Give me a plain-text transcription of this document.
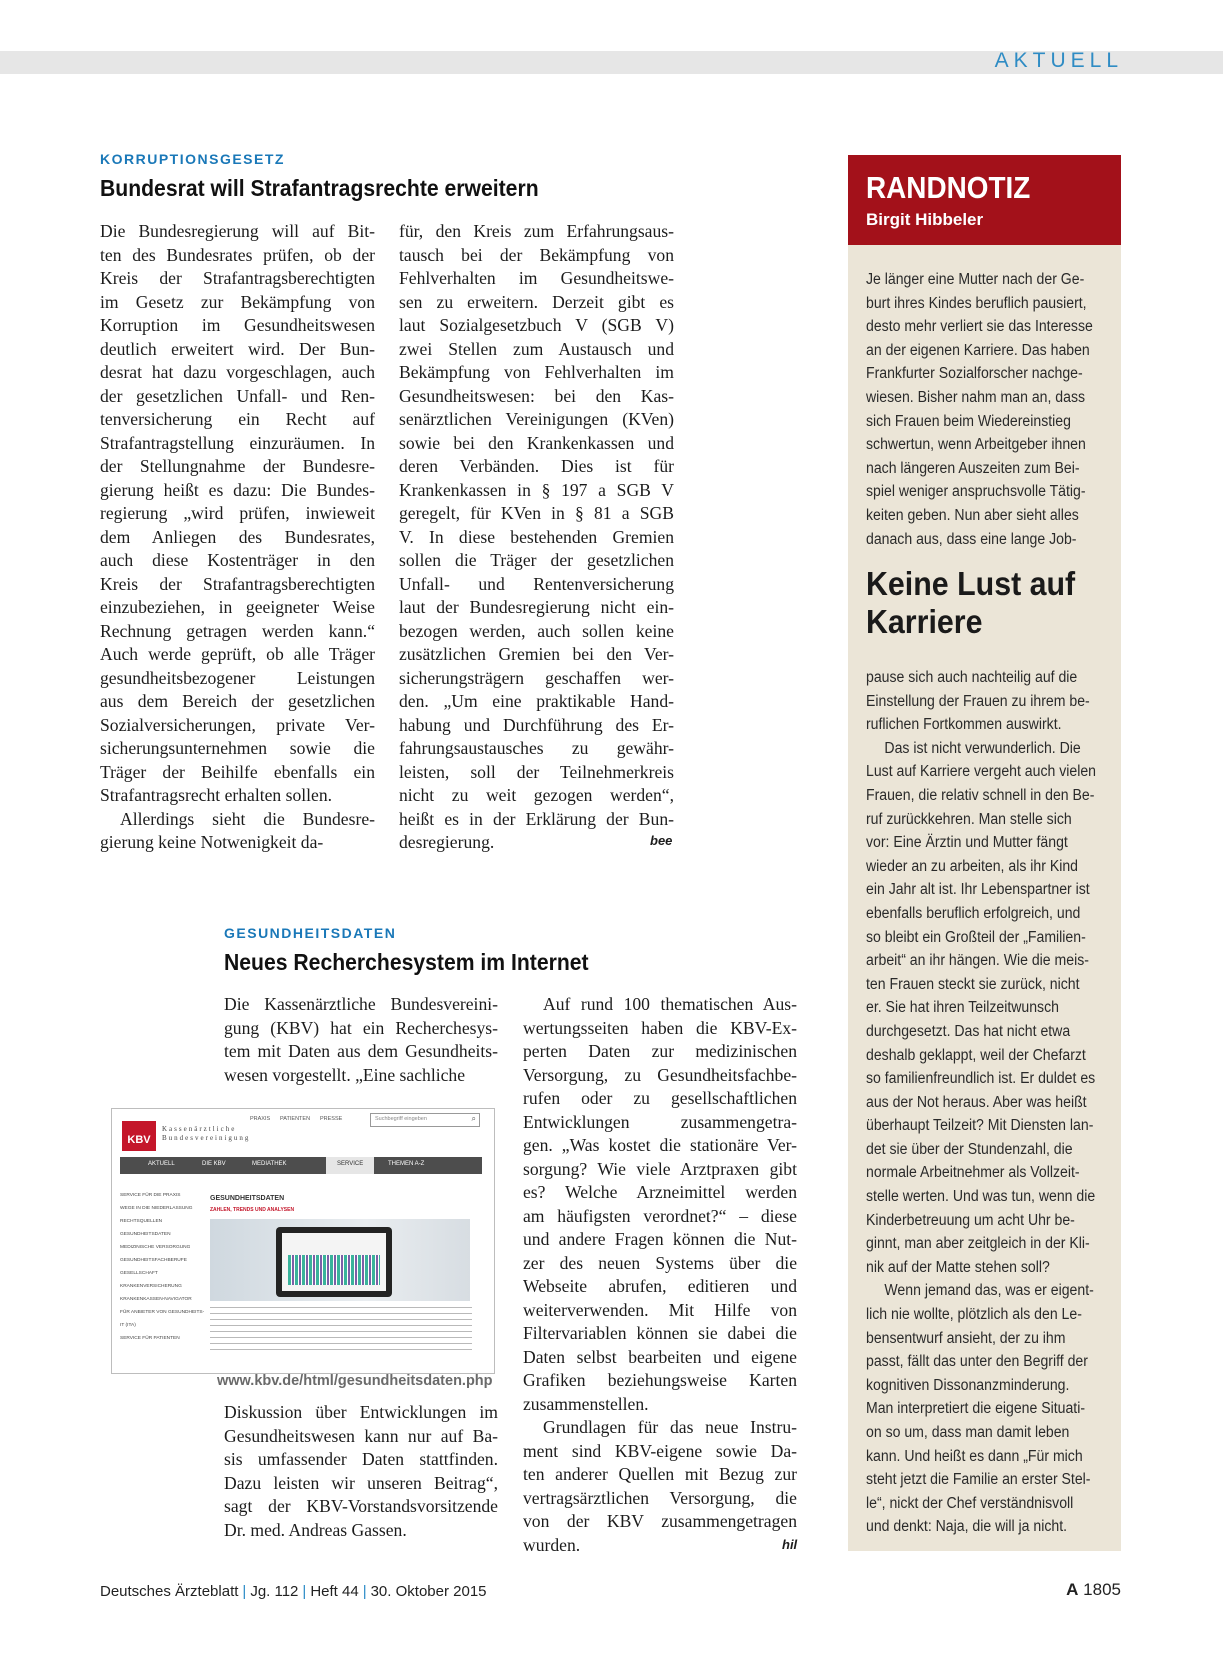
AKTUELL
KORRUPTIONSGESETZ
Bundesrat will Strafantragsrechte erweitern
Die Bundesregierung will auf Bit-
ten des Bundesrates prüfen, ob der
Kreis der Strafantragsberechtigten
im Gesetz zur Bekämpfung von
Korruption im Gesundheitswesen
deutlich erweitert wird. Der Bun-
desrat hat dazu vorgeschlagen, auch
der gesetzlichen Unfall- und Ren-
tenversicherung ein Recht auf
Strafantragstellung einzuräumen. In
der Stellungnahme der Bundesre-
gierung heißt es dazu: Die Bundes-
regierung „wird prüfen, inwieweit
dem Anliegen des Bundesrates,
auch diese Kostenträger in den
Kreis der Strafantragsberechtigten
einzubeziehen, in geeigneter Weise
Rechnung getragen werden kann.“
Auch werde geprüft, ob alle Träger
gesundheitsbezogener Leistungen
aus dem Bereich der gesetzlichen
Sozialversicherungen, private Ver-
sicherungsunternehmen sowie die
Träger der Beihilfe ebenfalls ein
Strafantragsrecht erhalten sollen.
Allerdings sieht die Bundesre-
gierung keine Notwenigkeit da-
für, den Kreis zum Erfahrungsaus-
tausch bei der Bekämpfung von
Fehlverhalten im Gesundheitswe-
sen zu erweitern. Derzeit gibt es
laut Sozialgesetzbuch V (SGB V)
zwei Stellen zum Austausch und
Bekämpfung von Fehlverhalten im
Gesundheitswesen: bei den Kas-
senärztlichen Vereinigungen (KVen)
sowie bei den Krankenkassen und
deren Verbänden. Dies ist für
Krankenkassen in § 197 a SGB V
geregelt, für KVen in § 81 a SGB
V. In diese bestehenden Gremien
sollen die Träger der gesetzlichen
Unfall- und Rentenversicherung
laut der Bundesregierung nicht ein-
bezogen werden, auch sollen keine
zusätzlichen Gremien bei den Ver-
sicherungsträgern geschaffen wer-
den. „Um eine praktikable Hand-
habung und Durchführung des Er-
fahrungsaustausches zu gewähr-
leisten, soll der Teilnehmerkreis
nicht zu weit gezogen werden“,
heißt es in der Erklärung der Bun-
desregierung.	bee
GESUNDHEITSDATEN
Neues Recherchesystem im Internet
Die Kassenärztliche Bundesvereini-
gung (KBV) hat ein Recherchesys-
tem mit Daten aus dem Gesundheits-
wesen vorgestellt. „Eine sachliche
KBV
Kassenärztliche
Bundesvereinigung
PRAXIS PATIENTEN PRESSE	Suchbegriff eingeben	⌕
AKTUELL	DIE KBV	MEDIATHEK	SERVICE	THEMEN A-Z
SERVICE FÜR DIE PRAXIS
WEGE IN DIE NIEDERLASSUNG
RECHTSQUELLEN
GESUNDHEITSDATEN
MEDIZINISCHE VERSORGUNG
GESUNDHEITSFACHBERUFE
GESELLSCHAFT
KRANKENVERSICHERUNG
KRANKENKASSEN-NAVIGATOR
FÜR ANBIETER VON GESUNDHEITS-IT (ITA)
SERVICE FÜR PATIENTEN
GESUNDHEITSDATEN
ZAHLEN, TRENDS UND ANALYSEN
www.kbv.de/html/gesundheitsdaten.php
Diskussion über Entwicklungen im
Gesundheitswesen kann nur auf Ba-
sis umfassender Daten stattfinden.
Dazu leisten wir unseren Beitrag“,
sagt der KBV-Vorstandsvorsitzende
Dr. med. Andreas Gassen.
Auf rund 100 thematischen Aus-
wertungsseiten haben die KBV-Ex-
perten Daten zur medizinischen
Versorgung, zu Gesundheitsfachbe-
rufen oder zu gesellschaftlichen
Entwicklungen zusammengetra-
gen. „Was kostet die stationäre Ver-
sorgung? Wie viele Arztpraxen gibt
es? Welche Arzneimittel werden
am häufigsten verordnet?“ – diese
und andere Fragen können die Nut-
zer des neuen Systems über die
Webseite abrufen, editieren und
weiterverwenden. Mit Hilfe von
Filtervariablen können sie dabei die
Daten selbst bearbeiten und eigene
Grafiken beziehungsweise Karten
zusammenstellen.
Grundlagen für das neue Instru-
ment sind KBV-eigene sowie Da-
ten anderer Quellen mit Bezug zur
vertragsärztlichen Versorgung, die
von der KBV zusammengetragen
wurden.	hil
RANDNOTIZ
Birgit Hibbeler
Je länger eine Mutter nach der Ge-
burt ihres Kindes beruflich pausiert,
desto mehr verliert sie das Interesse
an der eigenen Karriere. Das haben
Frankfurter Sozialforscher nachge-
wiesen. Bisher nahm man an, dass
sich Frauen beim Wiedereinstieg
schwertun, wenn Arbeitgeber ihnen
nach längeren Auszeiten zum Bei-
spiel weniger anspruchsvolle Tätig-
keiten geben. Nun aber sieht alles
danach aus, dass eine lange Job-
Keine Lust auf
Karriere
pause sich auch nachteilig auf die
Einstellung der Frauen zu ihrem be-
ruflichen Fortkommen auswirkt.
Das ist nicht verwunderlich. Die
Lust auf Karriere vergeht auch vielen
Frauen, die relativ schnell in den Be-
ruf zurückkehren. Man stelle sich
vor: Eine Ärztin und Mutter fängt
wieder an zu arbeiten, als ihr Kind
ein Jahr alt ist. Ihr Lebenspartner ist
ebenfalls beruflich erfolgreich, und
so bleibt ein Großteil der „Familien-
arbeit“ an ihr hängen. Wie die meis-
ten Frauen steckt sie zurück, nicht
er. Sie hat ihren Teilzeitwunsch
durchgesetzt. Das hat nicht etwa
deshalb geklappt, weil der Chefarzt
so familienfreundlich ist. Er duldet es
aus der Not heraus. Aber was heißt
überhaupt Teilzeit? Mit Diensten lan-
det sie über der Stundenzahl, die
normale Arbeitnehmer als Vollzeit-
stelle werten. Und was tun, wenn die
Kinderbetreuung um acht Uhr be-
ginnt, man aber zeitgleich in der Kli-
nik auf der Matte stehen soll?
Wenn jemand das, was er eigent-
lich nie wollte, plötzlich als den Le-
bensentwurf ansieht, der zu ihm
passt, fällt das unter den Begriff der
kognitiven Dissonanzminderung.
Man interpretiert die eigene Situati-
on so um, dass man damit leben
kann. Und heißt es dann „Für mich
steht jetzt die Familie an erster Stel-
le“, nickt der Chef verständnisvoll
und denkt: Naja, die will ja nicht.
Deutsches Ärzteblatt | Jg. 112 | Heft 44 | 30. Oktober 2015	A 1805
